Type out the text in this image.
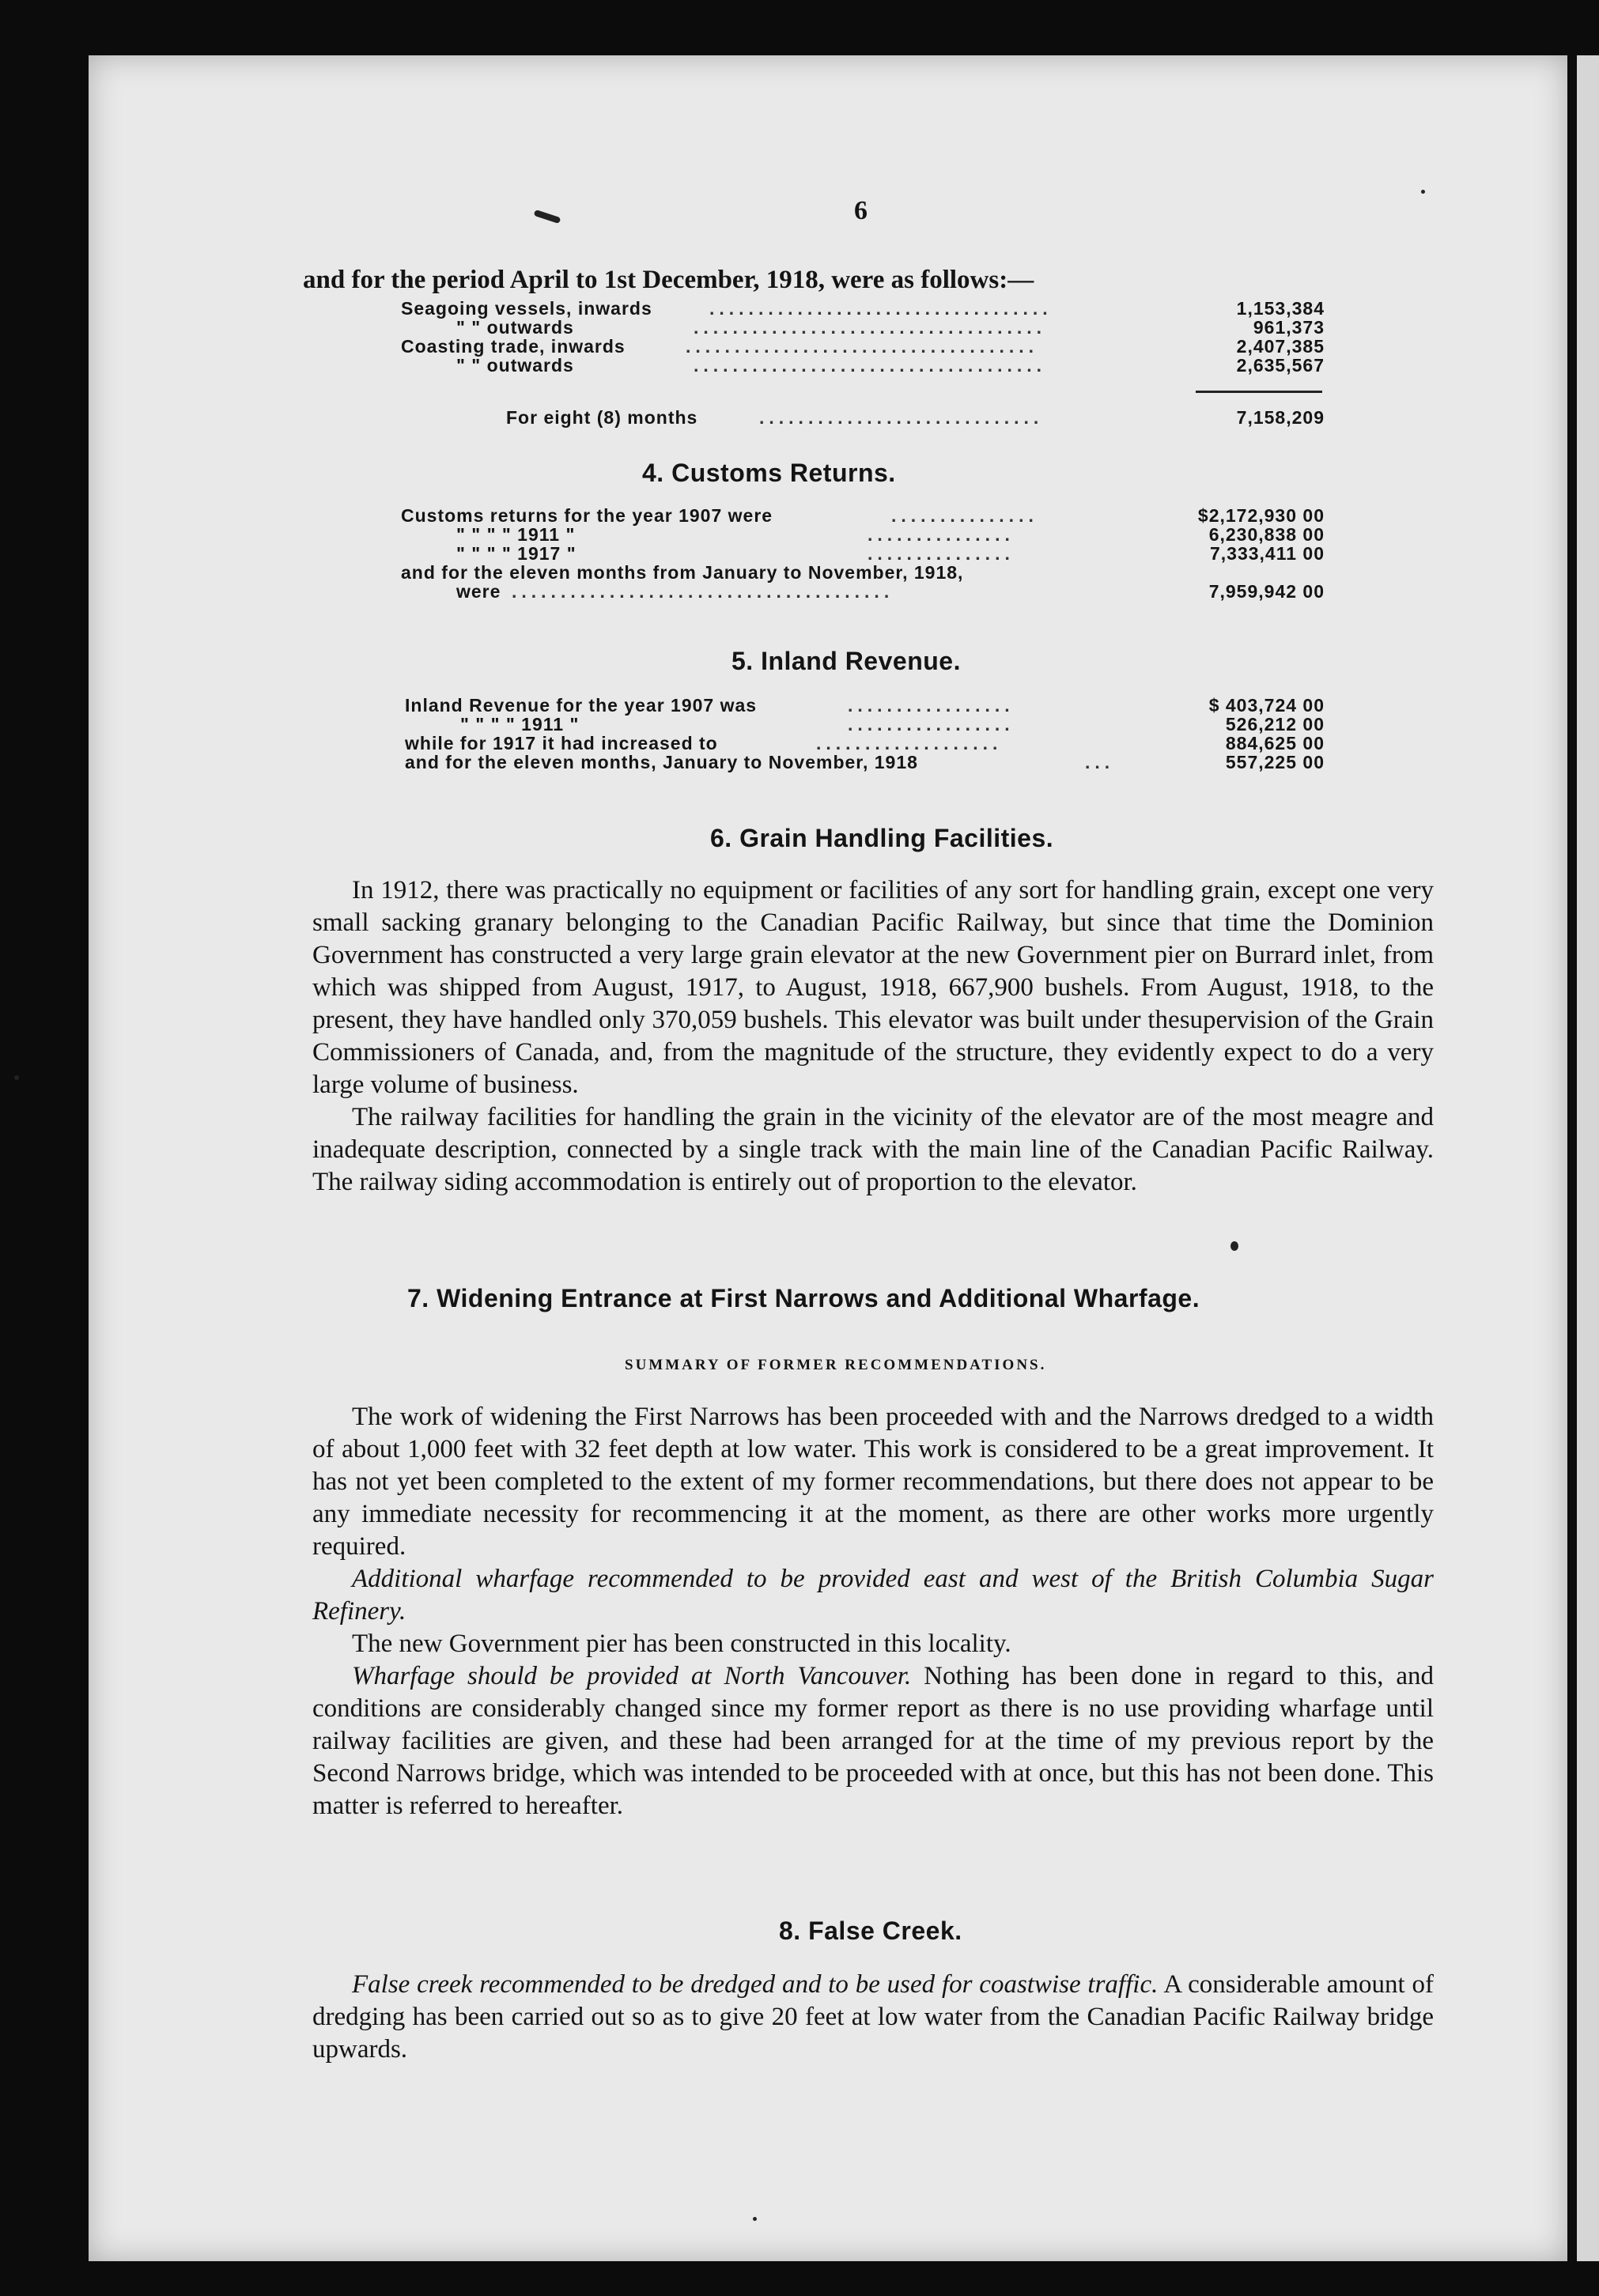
6
and for the period April to 1st December, 1918, were as follows:—
Seagoing vessels, inwards	...................................	1,153,384
" " outwards	....................................	961,373
Coasting trade, inwards	....................................	2,407,385
" " outwards	....................................	2,635,567
For eight (8) months	.............................	7,158,209
4. Customs Returns.
Customs returns for the year 1907 were	...............	$2,172,930 00
" " " " 1911 "	...............	6,230,838 00
" " " " 1917 "	...............	7,333,411 00
and for the eleven months from January to November, 1918,
were .......................................	7,959,942 00
5. Inland Revenue.
Inland Revenue for the year 1907 was	.................	$ 403,724 00
" " " " 1911 "	.................	526,212 00
while for 1917 it had increased to	...................	884,625 00
and for the eleven months, January to November, 1918	...	557,225 00
6. Grain Handling Facilities.

In 1912, there was practically no equipment or facilities of any sort for handling grain, except one very small sacking granary belonging to the Canadian Pacific Railway, but since that time the Dominion Government has constructed a very large grain elevator at the new Government pier on Burrard inlet, from which was shipped from August, 1917, to August, 1918, 667,900 bushels. From August, 1918, to the present, they have handled only 370,059 bushels. This elevator was built under thesupervision of the Grain Commissioners of Canada, and, from the magnitude of the structure, they evidently expect to do a very large volume of business.

The railway facilities for handling the grain in the vicinity of the elevator are of the most meagre and inadequate description, connected by a single track with the main line of the Canadian Pacific Railway. The railway siding accommodation is entirely out of proportion to the elevator.

7. Widening Entrance at First Narrows and Additional Wharfage.
SUMMARY OF FORMER RECOMMENDATIONS.

The work of widening the First Narrows has been proceeded with and the Narrows dredged to a width of about 1,000 feet with 32 feet depth at low water. This work is considered to be a great improvement. It has not yet been completed to the extent of my former recommendations, but there does not appear to be any immediate necessity for recommencing it at the moment, as there are other works more urgently required.

Additional wharfage recommended to be provided east and west of the British Columbia Sugar Refinery.

The new Government pier has been constructed in this locality.

Wharfage should be provided at North Vancouver. Nothing has been done in regard to this, and conditions are considerably changed since my former report as there is no use providing wharfage until railway facilities are given, and these had been arranged for at the time of my previous report by the Second Narrows bridge, which was intended to be proceeded with at once, but this has not been done. This matter is referred to hereafter.

8. False Creek.

False creek recommended to be dredged and to be used for coastwise traffic. A considerable amount of dredging has been carried out so as to give 20 feet at low water from the Canadian Pacific Railway bridge upwards.
